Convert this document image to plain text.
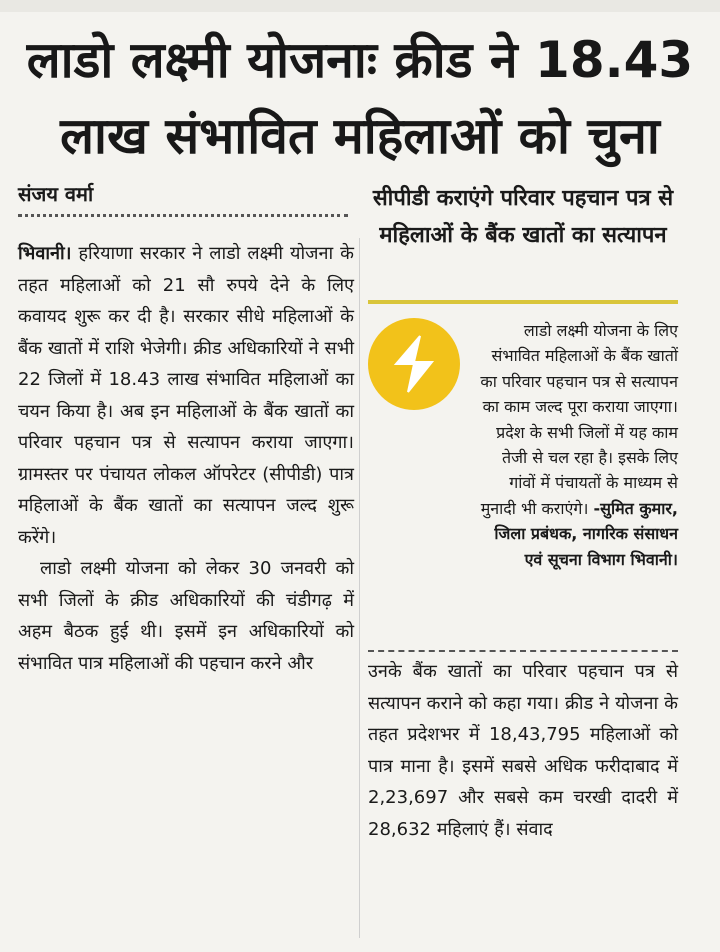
लाडो लक्ष्मी योजनाः क्रीड ने 18.43
लाख संभावित महिलाओं को चुना
संजय वर्मा

भिवानी। हरियाणा सरकार ने लाडो लक्ष्मी योजना के तहत महिलाओं को 21 सौ रुपये देने के लिए कवायद शुरू कर दी है। सरकार सीधे महिलाओं के बैंक खातों में राशि भेजेगी। क्रीड अधिकारियों ने सभी 22 जिलों में 18.43 लाख संभावित महिलाओं का चयन किया है। अब इन महिलाओं के बैंक खातों का परिवार पहचान पत्र से सत्यापन कराया जाएगा। ग्रामस्तर पर पंचायत लोकल ऑपरेटर (सीपीडी) पात्र महिलाओं के बैंक खातों का सत्यापन जल्द शुरू करेंगे।

लाडो लक्ष्मी योजना को लेकर 30 जनवरी को सभी जिलों के क्रीड अधिकारियों की चंडीगढ़ में अहम बैठक हुई थी। इसमें इन अधिकारियों को संभावित पात्र महिलाओं की पहचान करने और

सीपीडी कराएंगे परिवार पहचान पत्र से महिलाओं के बैंक खातों का सत्यापन
लाडो लक्ष्मी योजना के लिए संभावित महिलाओं के बैंक खातों का परिवार पहचान पत्र से सत्यापन का काम जल्द पूरा कराया जाएगा। प्रदेश के सभी जिलों में यह काम तेजी से चल रहा है। इसके लिए गांवों में पंचायतों के माध्यम से मुनादी भी कराएंगे। -सुमित कुमार, जिला प्रबंधक, नागरिक संसाधन एवं सूचना विभाग भिवानी।

उनके बैंक खातों का परिवार पहचान पत्र से सत्यापन कराने को कहा गया। क्रीड ने योजना के तहत प्रदेशभर में 18,43,795 महिलाओं को पात्र माना है। इसमें सबसे अधिक फरीदाबाद में 2,23,697 और सबसे कम चरखी दादरी में 28,632 महिलाएं हैं। संवाद
